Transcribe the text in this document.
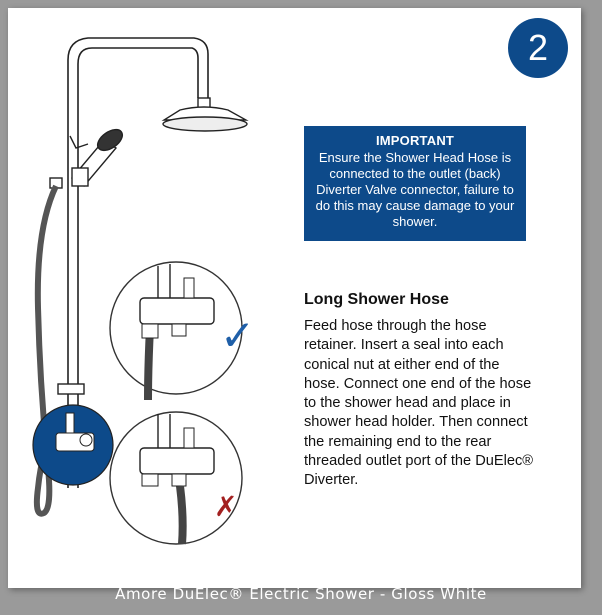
✓
✗
2
IMPORTANT
Ensure the Shower Head Hose is connected to the outlet (back) Diverter Valve connector, failure to do this may cause damage to your shower.
Long Shower Hose
Feed hose through the hose retainer. Insert a seal into each conical nut at either end of the hose. Connect one end of the hose to the shower head and place in shower head holder. Then connect the remaining end to the rear threaded outlet port of the DuElec® Diverter.
Amore DuElec® Electric Shower - Gloss White
